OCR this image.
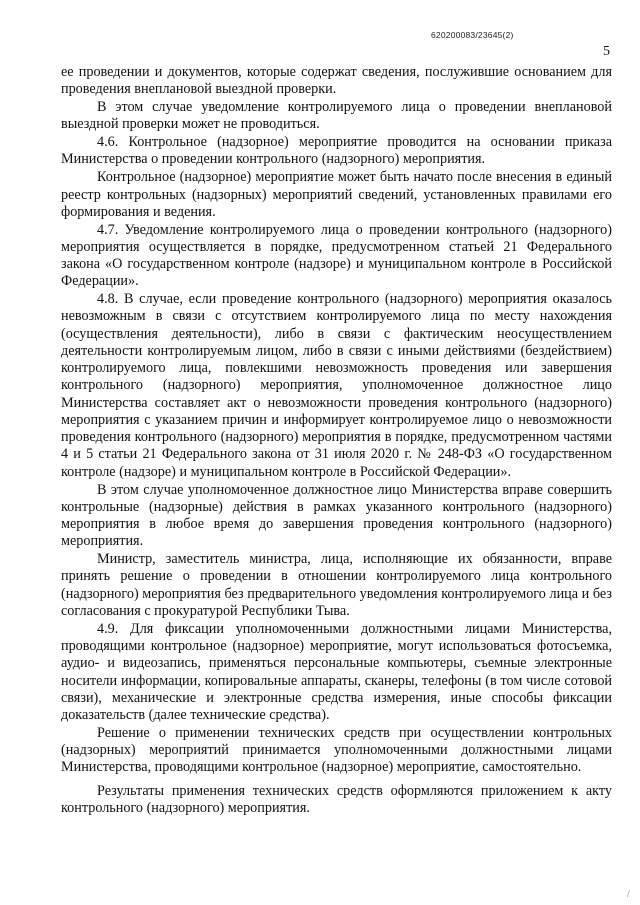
620200083/23645(2)
5

ее проведении и документов, которые содержат сведения, послужившие основанием для проведения внеплановой выездной проверки.

В этом случае уведомление контролируемого лица о проведении внеплановой выездной проверки может не проводиться.

4.6. Контрольное (надзорное) мероприятие проводится на основании приказа Министерства о проведении контрольного (надзорного) мероприятия.

Контрольное (надзорное) мероприятие может быть начато после внесения в единый реестр контрольных (надзорных) мероприятий сведений, установленных правилами его формирования и ведения.

4.7. Уведомление контролируемого лица о проведении контрольного (надзорного) мероприятия осуществляется в порядке, предусмотренном статьей 21 Федерального закона «О государственном контроле (надзоре) и муниципальном контроле в Российской Федерации».

4.8. В случае, если проведение контрольного (надзорного) мероприятия оказалось невозможным в связи с отсутствием контролируемого лица по месту нахождения (осуществления деятельности), либо в связи с фактическим неосуществлением деятельности контролируемым лицом, либо в связи с иными действиями (бездействием) контролируемого лица, повлекшими невозможность проведения или завершения контрольного (надзорного) мероприятия, уполномоченное должностное лицо Министерства составляет акт о невозможности проведения контрольного (надзорного) мероприятия с указанием причин и информирует контролируемое лицо о невозможности проведения контрольного (надзорного) мероприятия в порядке, предусмотренном частями 4 и 5 статьи 21 Федерального закона от 31 июля 2020 г. № 248-ФЗ «О государственном контроле (надзоре) и муниципальном контроле в Российской Федерации».

В этом случае уполномоченное должностное лицо Министерства вправе совершить контрольные (надзорные) действия в рамках указанного контрольного (надзорного) мероприятия в любое время до завершения проведения контрольного (надзорного) мероприятия.

Министр, заместитель министра, лица, исполняющие их обязанности, вправе принять решение о проведении в отношении контролируемого лица контрольного (надзорного) мероприятия без предварительного уведомления контролируемого лица и без согласования с прокуратурой Республики Тыва.

4.9. Для фиксации уполномоченными должностными лицами Министерства, проводящими контрольное (надзорное) мероприятие, могут использоваться фотосъемка, аудио- и видеозапись, применяться персональные компьютеры, съемные электронные носители информации, копировальные аппараты, сканеры, телефоны (в том числе сотовой связи), механические и электронные средства измерения, иные способы фиксации доказательств (далее технические средства).

Решение о применении технических средств при осуществлении контрольных (надзорных) мероприятий принимается уполномоченными должностными лицами Министерства, проводящими контрольное (надзорное) мероприятие, самостоятельно.

Результаты применения технических средств оформляются приложением к акту контрольного (надзорного) мероприятия.

/
